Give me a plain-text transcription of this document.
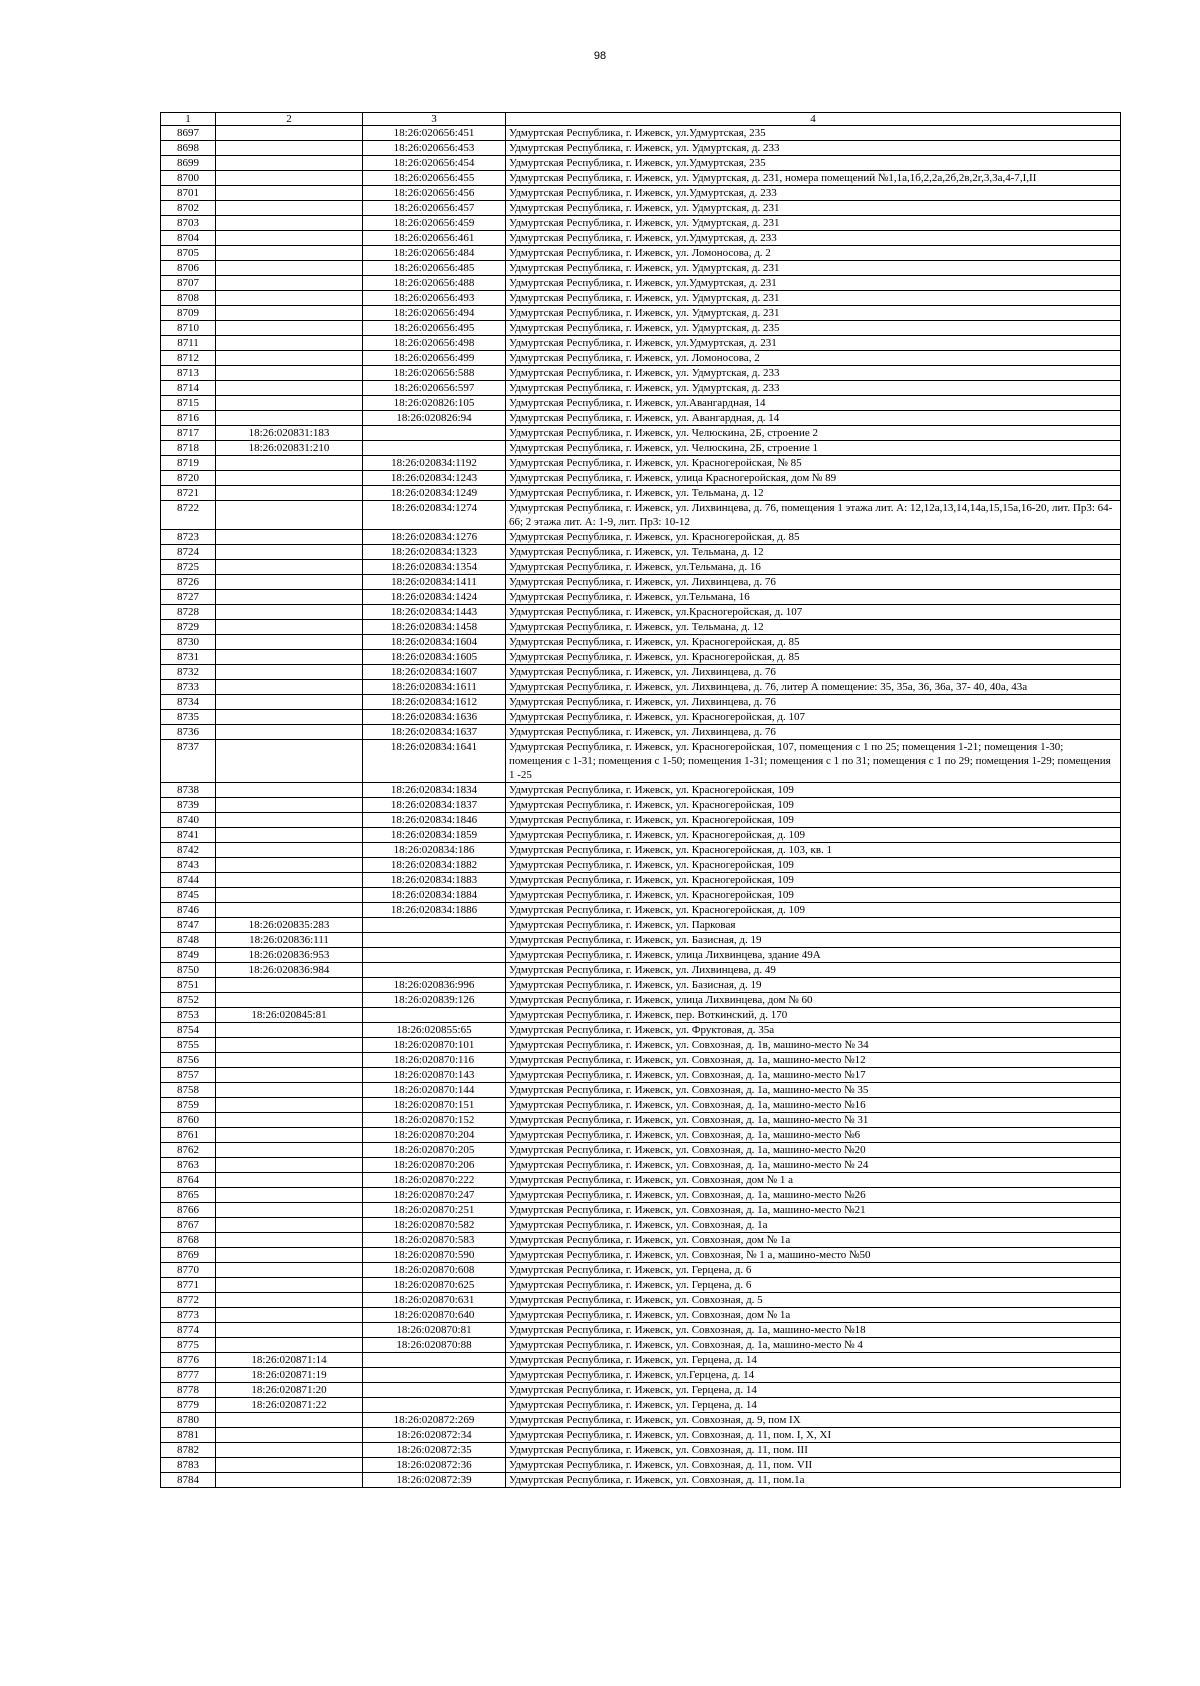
98
1	2	3	4
8697		18:26:020656:451	Удмуртская Республика, г. Ижевск, ул.Удмуртская, 235
8698		18:26:020656:453	Удмуртская Республика, г. Ижевск, ул. Удмуртская, д. 233
8699		18:26:020656:454	Удмуртская Республика, г. Ижевск, ул.Удмуртская, 235
8700		18:26:020656:455	Удмуртская Республика, г. Ижевск, ул. Удмуртская, д. 231, номера помещений №1,1а,1б,2,2а,2б,2в,2г,3,3а,4-7,I,II
8701		18:26:020656:456	Удмуртская Республика, г. Ижевск, ул.Удмуртская, д. 233
8702		18:26:020656:457	Удмуртская Республика, г. Ижевск, ул. Удмуртская, д. 231
8703		18:26:020656:459	Удмуртская Республика, г. Ижевск, ул. Удмуртская, д. 231
8704		18:26:020656:461	Удмуртская Республика, г. Ижевск, ул.Удмуртская, д. 233
8705		18:26:020656:484	Удмуртская Республика, г. Ижевск, ул. Ломоносова, д. 2
8706		18:26:020656:485	Удмуртская Республика, г. Ижевск, ул. Удмуртская, д. 231
8707		18:26:020656:488	Удмуртская Республика, г. Ижевск, ул.Удмуртская, д. 231
8708		18:26:020656:493	Удмуртская Республика, г. Ижевск, ул. Удмуртская, д. 231
8709		18:26:020656:494	Удмуртская Республика, г. Ижевск, ул. Удмуртская, д. 231
8710		18:26:020656:495	Удмуртская Республика, г. Ижевск, ул. Удмуртская, д. 235
8711		18:26:020656:498	Удмуртская Республика, г. Ижевск, ул.Удмуртская, д. 231
8712		18:26:020656:499	Удмуртская Республика, г. Ижевск, ул. Ломоносова, 2
8713		18:26:020656:588	Удмуртская Республика, г. Ижевск, ул. Удмуртская, д. 233
8714		18:26:020656:597	Удмуртская Республика, г. Ижевск, ул. Удмуртская, д. 233
8715		18:26:020826:105	Удмуртская Республика, г. Ижевск, ул.Авангардная, 14
8716		18:26:020826:94	Удмуртская Республика, г. Ижевск, ул. Авангардная, д. 14
8717	18:26:020831:183		Удмуртская Республика, г. Ижевск, ул. Челюскина, 2Б, строение 2
8718	18:26:020831:210		Удмуртская Республика, г. Ижевск, ул. Челюскина, 2Б, строение 1
8719		18:26:020834:1192	Удмуртская Республика, г. Ижевск, ул. Красногеройская, № 85
8720		18:26:020834:1243	Удмуртская Республика, г. Ижевск, улица Красногеройская, дом № 89
8721		18:26:020834:1249	Удмуртская Республика, г. Ижевск, ул. Тельмана, д. 12
8722		18:26:020834:1274	Удмуртская Республика, г. Ижевск, ул. Лихвинцева, д. 76, помещения 1 этажа лит. А: 12,12а,13,14,14а,15,15а,16-20, лит. Пр3: 64-66; 2 этажа лит. А: 1-9, лит. Пр3: 10-12
8723		18:26:020834:1276	Удмуртская Республика, г. Ижевск, ул. Красногеройская, д. 85
8724		18:26:020834:1323	Удмуртская Республика, г. Ижевск, ул. Тельмана, д. 12
8725		18:26:020834:1354	Удмуртская Республика, г. Ижевск, ул.Тельмана, д. 16
8726		18:26:020834:1411	Удмуртская Республика, г. Ижевск, ул. Лихвинцева, д. 76
8727		18:26:020834:1424	Удмуртская Республика, г. Ижевск, ул.Тельмана, 16
8728		18:26:020834:1443	Удмуртская Республика, г. Ижевск, ул.Красногеройская, д. 107
8729		18:26:020834:1458	Удмуртская Республика, г. Ижевск, ул. Тельмана, д. 12
8730		18:26:020834:1604	Удмуртская Республика, г. Ижевск, ул. Красногеройская, д. 85
8731		18:26:020834:1605	Удмуртская Республика, г. Ижевск, ул. Красногеройская, д. 85
8732		18:26:020834:1607	Удмуртская Республика, г. Ижевск, ул. Лихвинцева, д. 76
8733		18:26:020834:1611	Удмуртская Республика, г. Ижевск, ул. Лихвинцева, д. 76, литер А помещение: 35, 35а, 36, 36а, 37- 40, 40а, 43а
8734		18:26:020834:1612	Удмуртская Республика, г. Ижевск, ул. Лихвинцева, д. 76
8735		18:26:020834:1636	Удмуртская Республика, г. Ижевск, ул. Красногеройская, д. 107
8736		18:26:020834:1637	Удмуртская Республика, г. Ижевск, ул. Лихвинцева, д. 76
8737		18:26:020834:1641	Удмуртская Республика, г. Ижевск, ул. Красногеройская, 107, помещения с 1 по 25; помещения 1-21; помещения 1-30; помещения с 1-31; помещения с 1-50; помещения 1-31; помещения с 1 по 31; помещения с 1 по 29; помещения 1-29; помещения 1 -25
8738		18:26:020834:1834	Удмуртская Республика, г. Ижевск, ул. Красногеройская, 109
8739		18:26:020834:1837	Удмуртская Республика, г. Ижевск, ул. Красногеройская, 109
8740		18:26:020834:1846	Удмуртская Республика, г. Ижевск, ул. Красногеройская, 109
8741		18:26:020834:1859	Удмуртская Республика, г. Ижевск, ул. Красногеройская, д. 109
8742		18:26:020834:186	Удмуртская Республика, г. Ижевск, ул. Красногеройская, д. 103, кв. 1
8743		18:26:020834:1882	Удмуртская Республика, г. Ижевск, ул. Красногеройская, 109
8744		18:26:020834:1883	Удмуртская Республика, г. Ижевск, ул. Красногеройская, 109
8745		18:26:020834:1884	Удмуртская Республика, г. Ижевск, ул. Красногеройская, 109
8746		18:26:020834:1886	Удмуртская Республика, г. Ижевск, ул. Красногеройская, д. 109
8747	18:26:020835:283		Удмуртская Республика, г. Ижевск, ул. Парковая
8748	18:26:020836:111		Удмуртская Республика, г. Ижевск, ул. Базисная, д. 19
8749	18:26:020836:953		Удмуртская Республика, г. Ижевск, улица Лихвинцева, здание 49А
8750	18:26:020836:984		Удмуртская Республика, г. Ижевск, ул. Лихвинцева, д. 49
8751		18:26:020836:996	Удмуртская Республика, г. Ижевск, ул. Базисная, д. 19
8752		18:26:020839:126	Удмуртская Республика, г. Ижевск, улица Лихвинцева, дом № 60
8753	18:26:020845:81		Удмуртская Республика, г. Ижевск, пер. Воткинский, д. 170
8754		18:26:020855:65	Удмуртская Республика, г. Ижевск, ул. Фруктовая, д. 35а
8755		18:26:020870:101	Удмуртская Республика, г. Ижевск, ул. Совхозная, д. 1в, машино-место № 34
8756		18:26:020870:116	Удмуртская Республика, г. Ижевск, ул. Совхозная, д. 1а, машино-место №12
8757		18:26:020870:143	Удмуртская Республика, г. Ижевск, ул. Совхозная, д. 1а, машино-место №17
8758		18:26:020870:144	Удмуртская Республика, г. Ижевск, ул. Совхозная, д. 1а, машино-место № 35
8759		18:26:020870:151	Удмуртская Республика, г. Ижевск, ул. Совхозная, д. 1а, машино-место №16
8760		18:26:020870:152	Удмуртская Республика, г. Ижевск, ул. Совхозная, д. 1а, машино-место № 31
8761		18:26:020870:204	Удмуртская Республика, г. Ижевск, ул. Совхозная, д. 1а, машино-место №6
8762		18:26:020870:205	Удмуртская Республика, г. Ижевск, ул. Совхозная, д. 1а, машино-место №20
8763		18:26:020870:206	Удмуртская Республика, г. Ижевск, ул. Совхозная, д. 1а, машино-место № 24
8764		18:26:020870:222	Удмуртская Республика, г. Ижевск, ул. Совхозная, дом № 1 а
8765		18:26:020870:247	Удмуртская Республика, г. Ижевск, ул. Совхозная, д. 1а, машино-место №26
8766		18:26:020870:251	Удмуртская Республика, г. Ижевск, ул. Совхозная, д. 1а, машино-место №21
8767		18:26:020870:582	Удмуртская Республика, г. Ижевск, ул. Совхозная, д. 1а
8768		18:26:020870:583	Удмуртская Республика, г. Ижевск, ул. Совхозная, дом № 1а
8769		18:26:020870:590	Удмуртская Республика, г. Ижевск, ул. Совхозная, № 1 а, машино-место №50
8770		18:26:020870:608	Удмуртская Республика, г. Ижевск, ул. Герцена, д. 6
8771		18:26:020870:625	Удмуртская Республика, г. Ижевск, ул. Герцена, д. 6
8772		18:26:020870:631	Удмуртская Республика, г. Ижевск, ул. Совхозная, д. 5
8773		18:26:020870:640	Удмуртская Республика, г. Ижевск, ул. Совхозная, дом № 1а
8774		18:26:020870:81	Удмуртская Республика, г. Ижевск, ул. Совхозная, д. 1а, машино-место №18
8775		18:26:020870:88	Удмуртская Республика, г. Ижевск, ул. Совхозная, д. 1а, машино-место № 4
8776	18:26:020871:14		Удмуртская Республика, г. Ижевск, ул. Герцена, д. 14
8777	18:26:020871:19		Удмуртская Республика, г. Ижевск, ул.Герцена, д. 14
8778	18:26:020871:20		Удмуртская Республика, г. Ижевск, ул. Герцена, д. 14
8779	18:26:020871:22		Удмуртская Республика, г. Ижевск, ул. Герцена, д. 14
8780		18:26:020872:269	Удмуртская Республика, г. Ижевск, ул. Совхозная, д. 9, пом IX
8781		18:26:020872:34	Удмуртская Республика, г. Ижевск, ул. Совхозная, д. 11, пом. I, X, XI
8782		18:26:020872:35	Удмуртская Республика, г. Ижевск, ул. Совхозная, д. 11, пом. III
8783		18:26:020872:36	Удмуртская Республика, г. Ижевск, ул. Совхозная, д. 11, пом. VII
8784		18:26:020872:39	Удмуртская Республика, г. Ижевск, ул. Совхозная, д. 11, пом.1а
